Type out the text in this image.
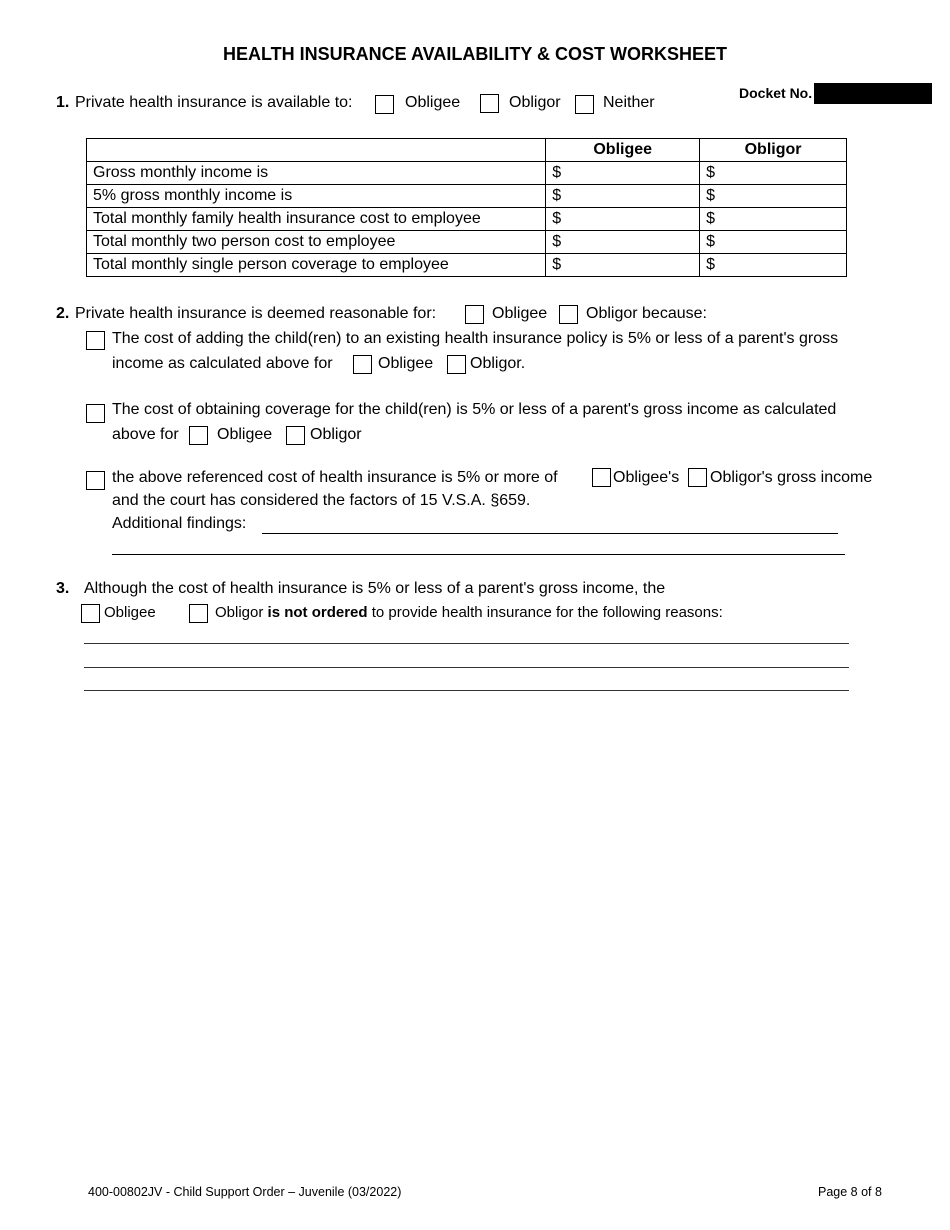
HEALTH INSURANCE AVAILABILITY & COST WORKSHEET
Docket No.
1. Private health insurance is available to:	Obligee	Obligor	Neither
	Obligee	Obligor
Gross monthly income is	$	$
5% gross monthly income is	$	$
Total monthly family health insurance cost to employee	$	$
Total monthly two person cost to employee	$	$
Total monthly single person coverage to employee	$	$
2. Private health insurance is deemed reasonable for:	Obligee Obligor because:
The cost of adding the child(ren) to an existing health insurance policy is 5% or less of a parent's gross
income as calculated above for	Obligee Obligor.
The cost of obtaining coverage for the child(ren) is 5% or less of a parent's gross income as calculated
above for Obligee Obligor
the above referenced cost of health insurance is 5% or more of	Obligee's Obligor's gross income
and the court has considered the factors of 15 V.S.A. §659.
Additional findings:
3. Although the cost of health insurance is 5% or less of a parent's gross income, the
Obligee	Obligor is not ordered to provide health insurance for the following reasons:
400-00802JV - Child Support Order – Juvenile (03/2022)	Page 8 of 8
